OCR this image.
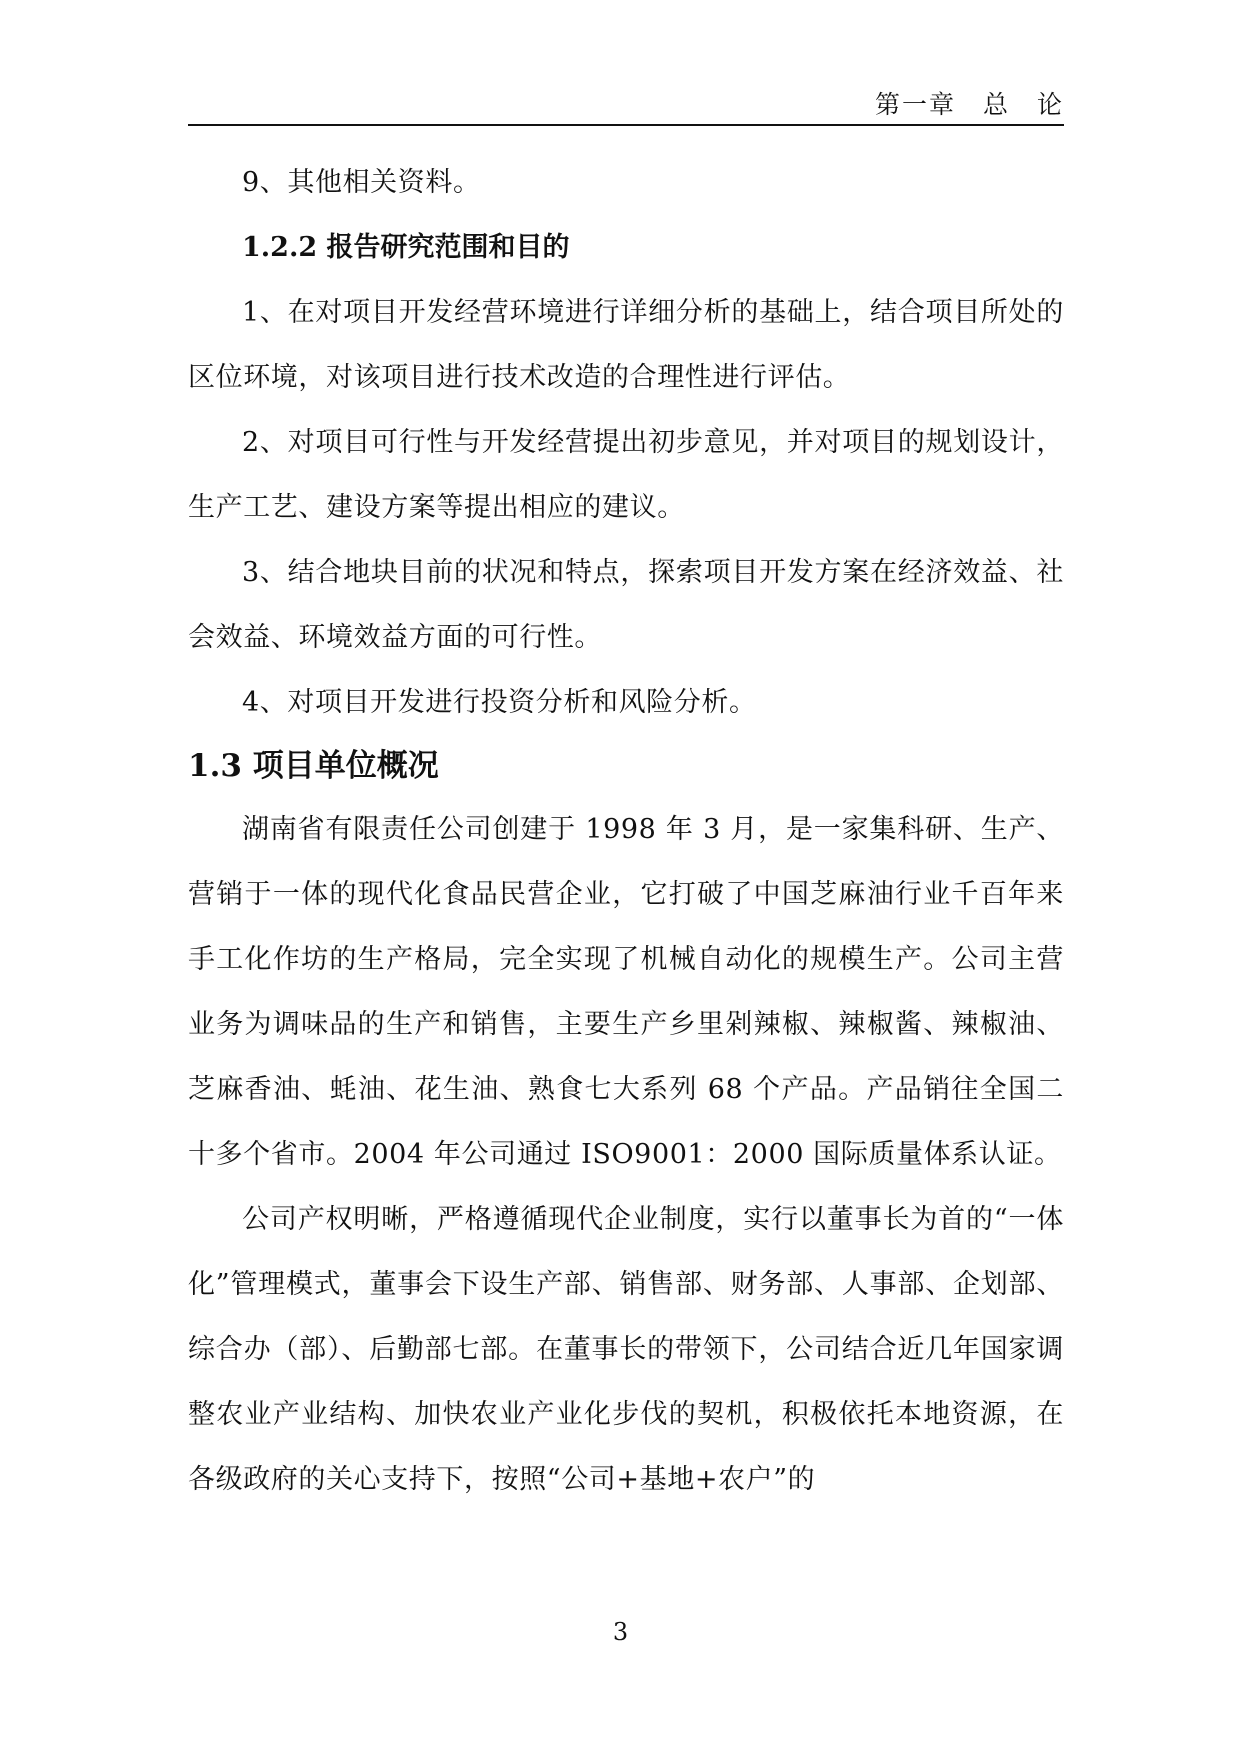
第一章　总　论

9、其他相关资料。

1.2.2 报告研究范围和目的

1、在对项目开发经营环境进行详细分析的基础上，结合项目所处的区位环境，对该项目进行技术改造的合理性进行评估。

2、对项目可行性与开发经营提出初步意见，并对项目的规划设计，生产工艺、建设方案等提出相应的建议。

3、结合地块目前的状况和特点，探索项目开发方案在经济效益、社会效益、环境效益方面的可行性。

4、对项目开发进行投资分析和风险分析。

1.3 项目单位概况

湖南省有限责任公司创建于 1998 年 3 月，是一家集科研、生产、营销于一体的现代化食品民营企业，它打破了中国芝麻油行业千百年来手工化作坊的生产格局，完全实现了机械自动化的规模生产。公司主营业务为调味品的生产和销售，主要生产乡里剁辣椒、辣椒酱、辣椒油、芝麻香油、蚝油、花生油、熟食七大系列 68 个产品。产品销往全国二十多个省市。2004 年公司通过 ISO9001：2000 国际质量体系认证。

公司产权明晰，严格遵循现代企业制度，实行以董事长为首的“一体化”管理模式，董事会下设生产部、销售部、财务部、人事部、企划部、综合办（部）、后勤部七部。在董事长的带领下，公司结合近几年国家调整农业产业结构、加快农业产业化步伐的契机，积极依托本地资源，在各级政府的关心支持下，按照“公司+基地+农户”的

3
